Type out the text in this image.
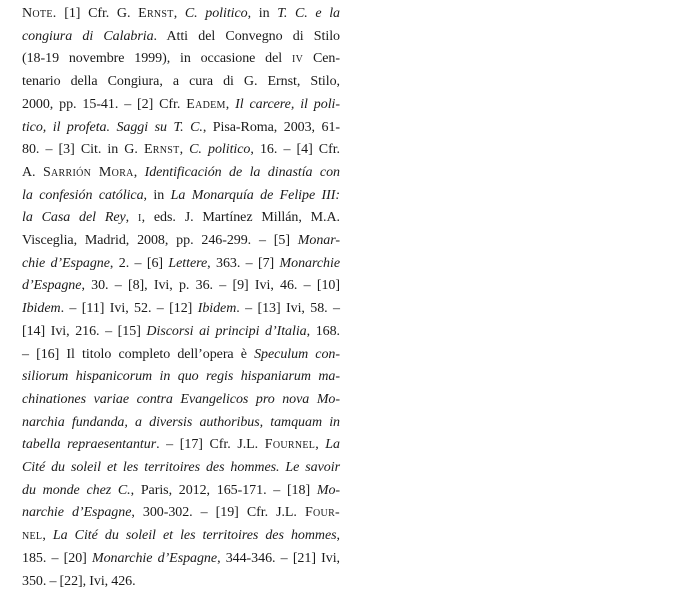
Note. [1] Cfr. G. Ernst, C. politico, in T. C. e la
congiura di Calabria. Atti del Convegno di Stilo
(18-19 novembre 1999), in occasione del iv Cen-
tenario della Congiura, a cura di G. Ernst, Stilo,
2000, pp. 15-41. – [2] Cfr. Eadem, Il carcere, il poli-
tico, il profeta. Saggi su T. C., Pisa-Roma, 2003, 61-
80. – [3] Cit. in G. Ernst, C. politico, 16. – [4] Cfr.
A. Sarrión Mora, Identificación de la dinastía con
la confesión católica, in La Monarquía de Felipe III:
la Casa del Rey, i, eds. J. Martínez Millán, M.A.
Visceglia, Madrid, 2008, pp. 246-299. – [5] Monar-
chie d’Espagne, 2. – [6] Lettere, 363. – [7] Monarchie
d’Espagne, 30. – [8], Ivi, p. 36. – [9] Ivi, 46. – [10]
Ibidem. – [11] Ivi, 52. – [12] Ibidem. – [13] Ivi, 58. –
[14] Ivi, 216. – [15] Discorsi ai principi d’Italia, 168.
– [16] Il titolo completo dell’opera è Speculum con-
siliorum hispanicorum in quo regis hispaniarum ma-
chinationes variae contra Evangelicos pro nova Mo-
narchia fundanda, a diversis authoribus, tamquam in
tabella repraesentantur. – [17] Cfr. J.L. Fournel, La
Cité du soleil et les territoires des hommes. Le savoir
du monde chez C., Paris, 2012, 165-171. – [18] Mo-
narchie d’Espagne, 300-302. – [19] Cfr. J.L. Four-
nel, La Cité du soleil et les territoires des hommes,
185. – [20] Monarchie d’Espagne, 344-346. – [21] Ivi,
350. – [22], Ivi, 426.
